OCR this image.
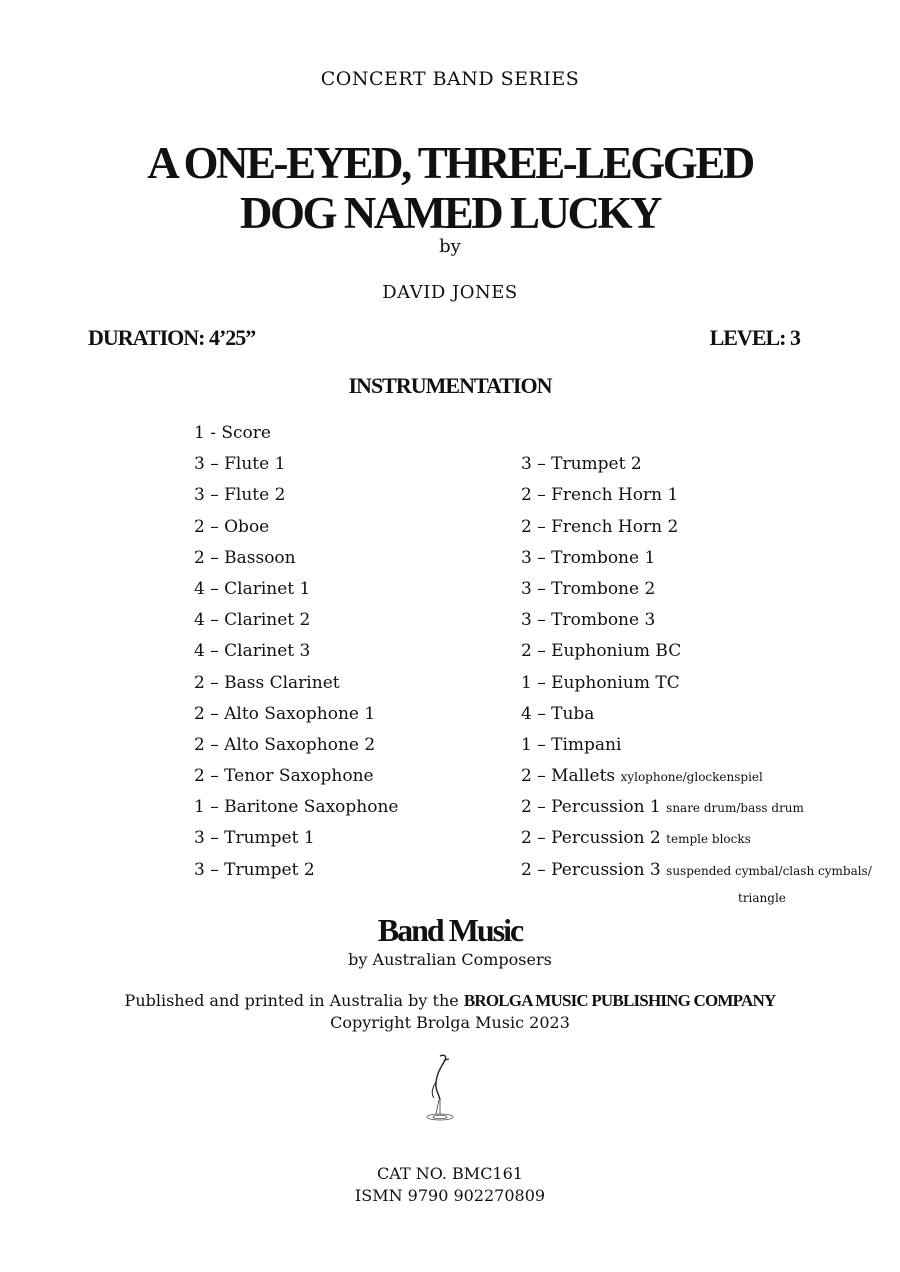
CONCERT BAND SERIES
A ONE-EYED, THREE-LEGGED
DOG NAMED LUCKY
by
DAVID JONES
DURATION: 4’25”	LEVEL: 3
INSTRUMENTATION
1 - Score
3 – Flute 1
3 – Flute 2
2 – Oboe
2 – Bassoon
4 – Clarinet 1
4 – Clarinet 2
4 – Clarinet 3
2 – Bass Clarinet
2 – Alto Saxophone 1
2 – Alto Saxophone 2
2 – Tenor Saxophone
1 – Baritone Saxophone
3 – Trumpet 1
3 – Trumpet 2
3 – Trumpet 2
2 – French Horn 1
2 – French Horn 2
3 – Trombone 1
3 – Trombone 2
3 – Trombone 3
2 – Euphonium BC
1 – Euphonium TC
4 – Tuba
1 – Timpani
2 – Mallets xylophone/glockenspiel
2 – Percussion 1 snare drum/bass drum
2 – Percussion 2 temple blocks
2 – Percussion 3 suspended cymbal/clash cymbals/
triangle
Band Music
by Australian Composers
Published and printed in Australia by the BROLGA MUSIC PUBLISHING COMPANY
Copyright Brolga Music 2023
CAT NO. BMC161
ISMN 9790 902270809
